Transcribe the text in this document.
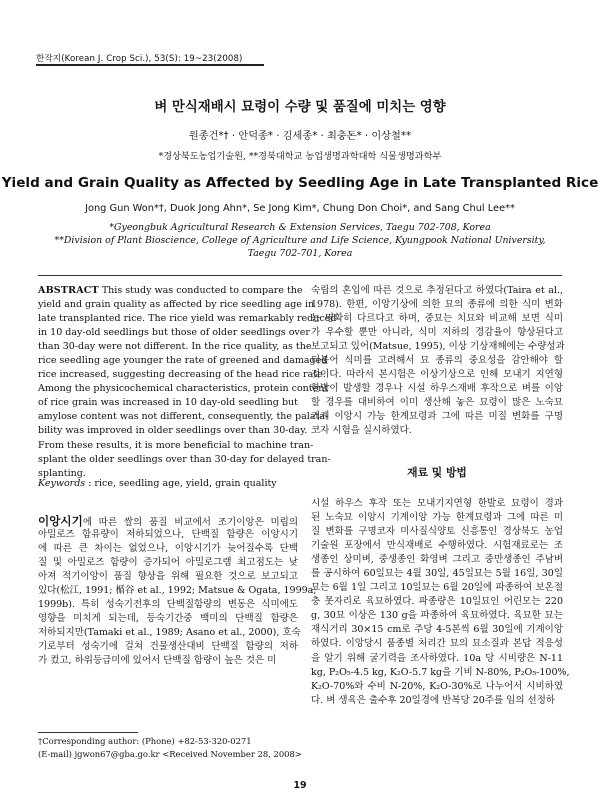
한작지(Korean J. Crop Sci.), 53(S): 19~23(2008)
벼 만식재배시 묘령이 수량 및 품질에 미치는 영향
원종건*† · 안덕종* · 김세종* · 최충돈* · 이상철**
*경상북도농업기술원, **경북대학교 농업생명과학대학 식물생명과학부
Yield and Grain Quality as Affected by Seedling Age in Late Transplanted Rice
Jong Gun Won*†, Duok Jong Ahn*, Se Jong Kim*, Chung Don Choi*, and Sang Chul Lee**
*Gyeongbuk Agricultural Research & Extension Services, Taegu 702-708, Korea
**Division of Plant Bioscience, College of Agriculture and Life Science, Kyungpook National University,
Taegu 702-701, Korea
ABSTRACT This study was conducted to compare the
yield and grain quality as affected by rice seedling age in
late transplanted rice. The rice yield was remarkably reduced
in 10 day-old seedlings but those of older seedlings over
than 30-day were not different. In the rice quality, as the
rice seedling age younger the rate of greened and damaged
rice increased, suggesting decreasing of the head rice rate.
Among the physicochemical characteristics, protein content
of rice grain was increased in 10 day-old seedling but
amylose content was not different, consequently, the palata-
bility was improved in older seedlings over than 30-day.
From these results, it is more beneficial to machine tran-
splant the older seedlings over than 30-day for delayed tran-
splanting.
Keywords : rice, seedling age, yield, grain quality
이앙시기에 따른 쌀의 품질 비교에서 조기이앙은 미립의
아밀로즈 함유량이 저하되었으나, 단백질 함량은 이앙시기
에 따른 큰 차이는 없었으나, 이앙시기가 늦어질수록 단백
질 및 아밀로즈 함량이 증가되어 아밀로그램 최고점도는 낮
아져 적기이앙이 품질 향상을 위해 필요한 것으로 보고되고
있다(松江, 1991; 楯谷 et al., 1992; Matsue & Ogata, 1999a;
1999b). 특히 성숙기전후의 단백질함량의 변동은 식미에도
영향을 미치게 되는데, 등숙기간중 백미의 단백질 함량은
저하되지만(Tamaki et al., 1989; Asano et al., 2000), 호숙
기로부터 성숙기에 걸쳐 건물생산대비 단백질 함량의 저하
가 컸고, 하위등급미에 있어서 단백질 함량이 높은 것은 미
숙립의 혼입에 따른 것으로 추정된다고 하였다(Taira et al.,
1978). 한편, 이앙기상에 의한 묘의 종류에 의한 식미 변화
는 명확히 다르다고 하며, 중묘는 치묘와 비교해 보면 식미
가 우수할 뿐만 아니라, 식미 저하의 경감율이 향상된다고
보고되고 있어(Matsue, 1995), 이상 기상재해에는 수량성과
더불어 식미를 고려해서 묘 종류의 중요성을 감안해야 할
것이다. 따라서 본시험은 이상기상으로 인해 모내기 지연형
한발이 발생할 경우나 시설 하우스재배 후작으로 벼를 이앙
할 경우를 대비하여 이미 생산해 놓은 묘령이 많은 노숙묘
기계 이앙시 가능 한계묘령과 그에 따른 미질 변화를 구명
코자 시험을 실시하였다.
재료 및 방법
시설 하우스 후작 또는 모내기지연형 한발로 묘령이 경과
된 노숙묘 이앙시 기계이앙 가능 한계묘령과 그에 따른 미
질 변화를 구명코자 미사질식양토 신흥통인 경상북도 농업
기술원 포장에서 만식재배로 수행하였다. 시험재료로는 조
생종인 상미벼, 중생종인 화영벼 그리고 중만생종인 주남벼
를 공시하여 60일묘는 4월 30일, 45일묘는 5월 16일, 30일
묘는 6월 1일 그리고 10일묘는 6월 20일에 파종하여 보온절
충 못자리로 육묘하였다. 파종량은 10일묘인 어린모는 220
g, 30묘 이상은 130 g을 파종하여 육묘하였다. 육묘한 묘는
재식거리 30×15 cm로 주당 4-5본씩 6월 30일에 기계이앙
하였다. 이앙당시 품종별 처리간 묘의 묘소질과 본답 적응성
을 알기 위해 굴기력을 조사하였다. 10a 당 시비량은 N-11
kg, P₂O₅-4.5 kg, K₂O-5.7 kg을 기비 N-80%, P₂O₅-100%,
K₂O-70%와 수비 N-20%, K₂O-30%로 나누어서 시비하였
다. 벼 생육은 출수후 20일경에 반복당 20주를 임의 선정하
†Corresponding author: (Phone) +82-53-320-0271
(E-mail) jgwon67@gba.go.kr <Received November 28, 2008>
19
